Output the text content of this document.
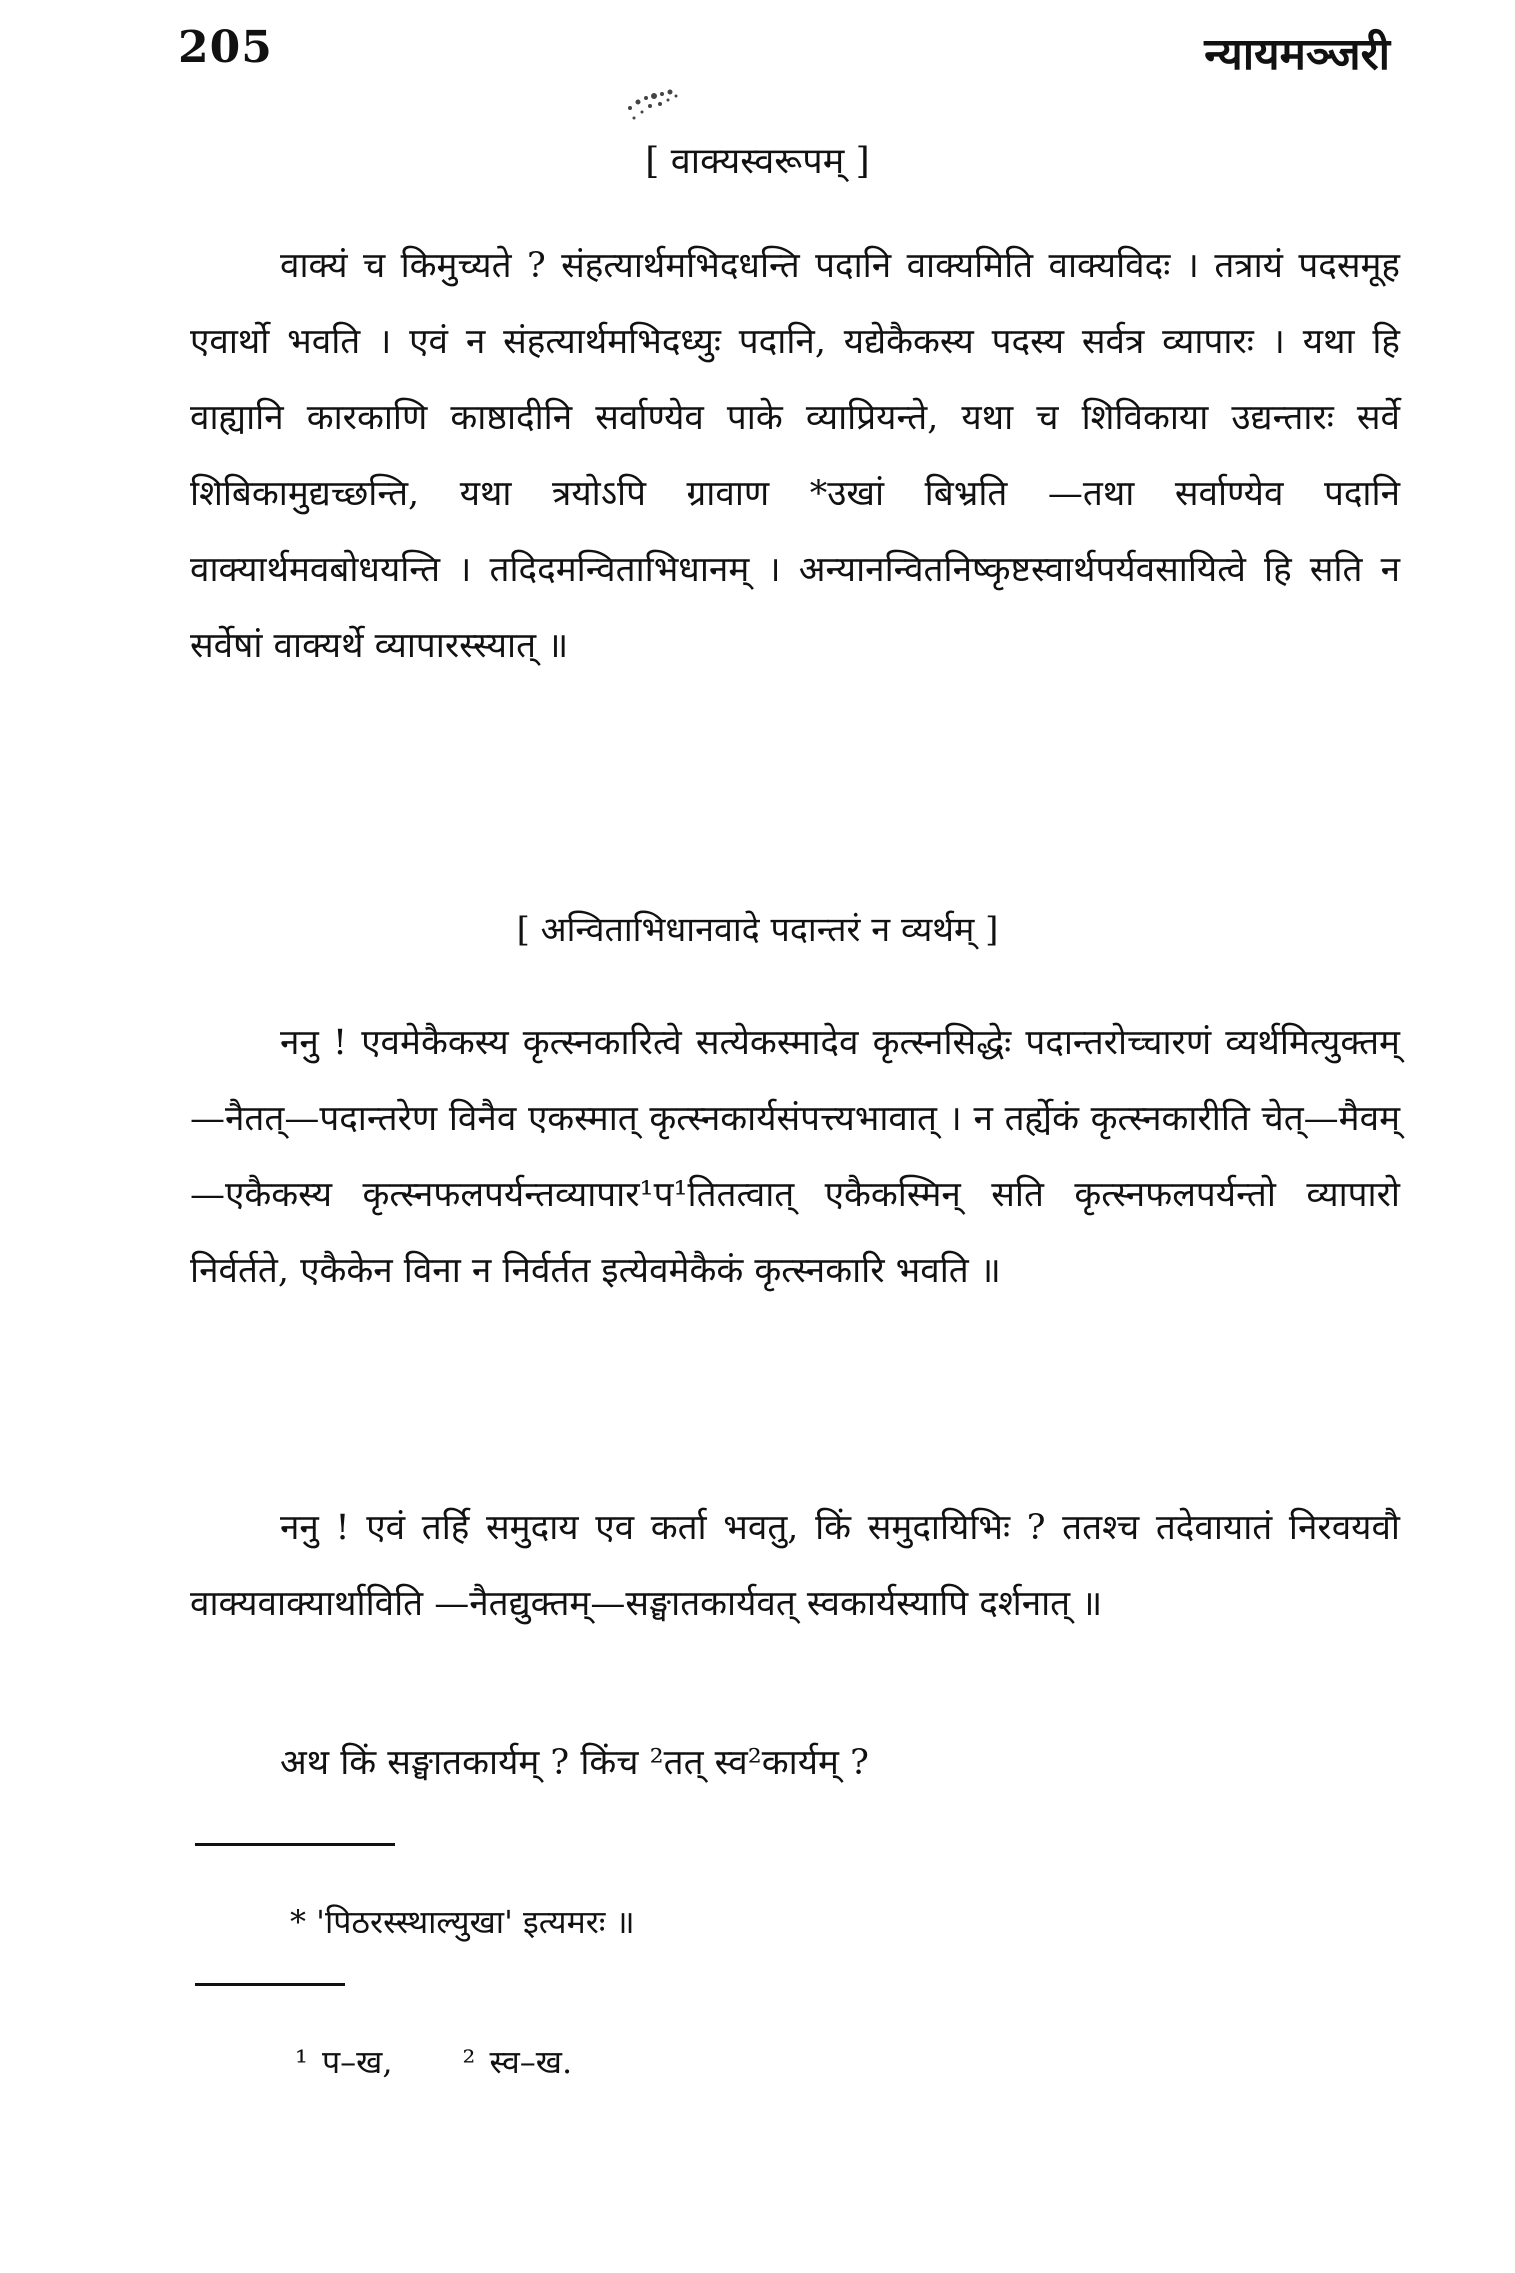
205	न्यायमञ्जरी
[ वाक्यस्वरूपम् ]

वाक्यं च किमुच्यते ? संहत्यार्थमभिदधन्ति पदानि वाक्यमिति वाक्यविदः । तत्रायं पदसमूह एवार्थो भवति । एवं न संहत्यार्थमभिदध्युः पदानि, यद्येकैकस्य पदस्य सर्वत्र व्यापारः । यथा हि वाह्यानि कारकाणि काष्ठादीनि सर्वाण्येव पाके व्याप्रियन्ते, यथा च शिविकाया उद्यन्तारः सर्वे शिबिकामुद्यच्छन्ति, यथा त्रयोऽपि ग्रावाण *उखां बिभ्रति —तथा सर्वाण्येव पदानि वाक्यार्थमवबोधयन्ति । तदिदमन्विताभिधानम् । अन्यानन्वितनिष्कृष्टस्वार्थपर्यवसायित्वे हि सति न सर्वेषां वाक्यर्थे व्यापारस्स्यात् ॥

[ अन्विताभिधानवादे पदान्तरं न व्यर्थम् ]

ननु ! एवमेकैकस्य कृत्स्नकारित्वे सत्येकस्मादेव कृत्स्नसिद्धेः पदान्तरोच्चारणं व्यर्थमित्युक्तम्—नैतत्—पदान्तरेण विनैव एकस्मात् कृत्स्नकार्यसंपत्त्यभावात् । न तर्ह्येकं कृत्स्नकारीति चेत्—मैवम्—एकैकस्य कृत्स्नफलपर्यन्तव्यापार¹प¹तितत्वात् एकैकस्मिन् सति कृत्स्नफलपर्यन्तो व्यापारो निर्वर्तते, एकैकेन विना न निर्वर्तत इत्येवमेकैकं कृत्स्नकारि भवति ॥

ननु ! एवं तर्हि समुदाय एव कर्ता भवतु, किं समुदायिभिः ? ततश्च तदेवायातं निरवयवौ वाक्यवाक्यार्थाविति —नैतद्युक्तम्—सङ्घातकार्यवत् स्वकार्यस्यापि दर्शनात् ॥

अथ किं सङ्घातकार्यम् ? किंच ²तत् स्व²कार्यम् ?

* 'पिठरस्स्थाल्युखा' इत्यमरः ॥
¹ प–ख, ² स्व–ख.
